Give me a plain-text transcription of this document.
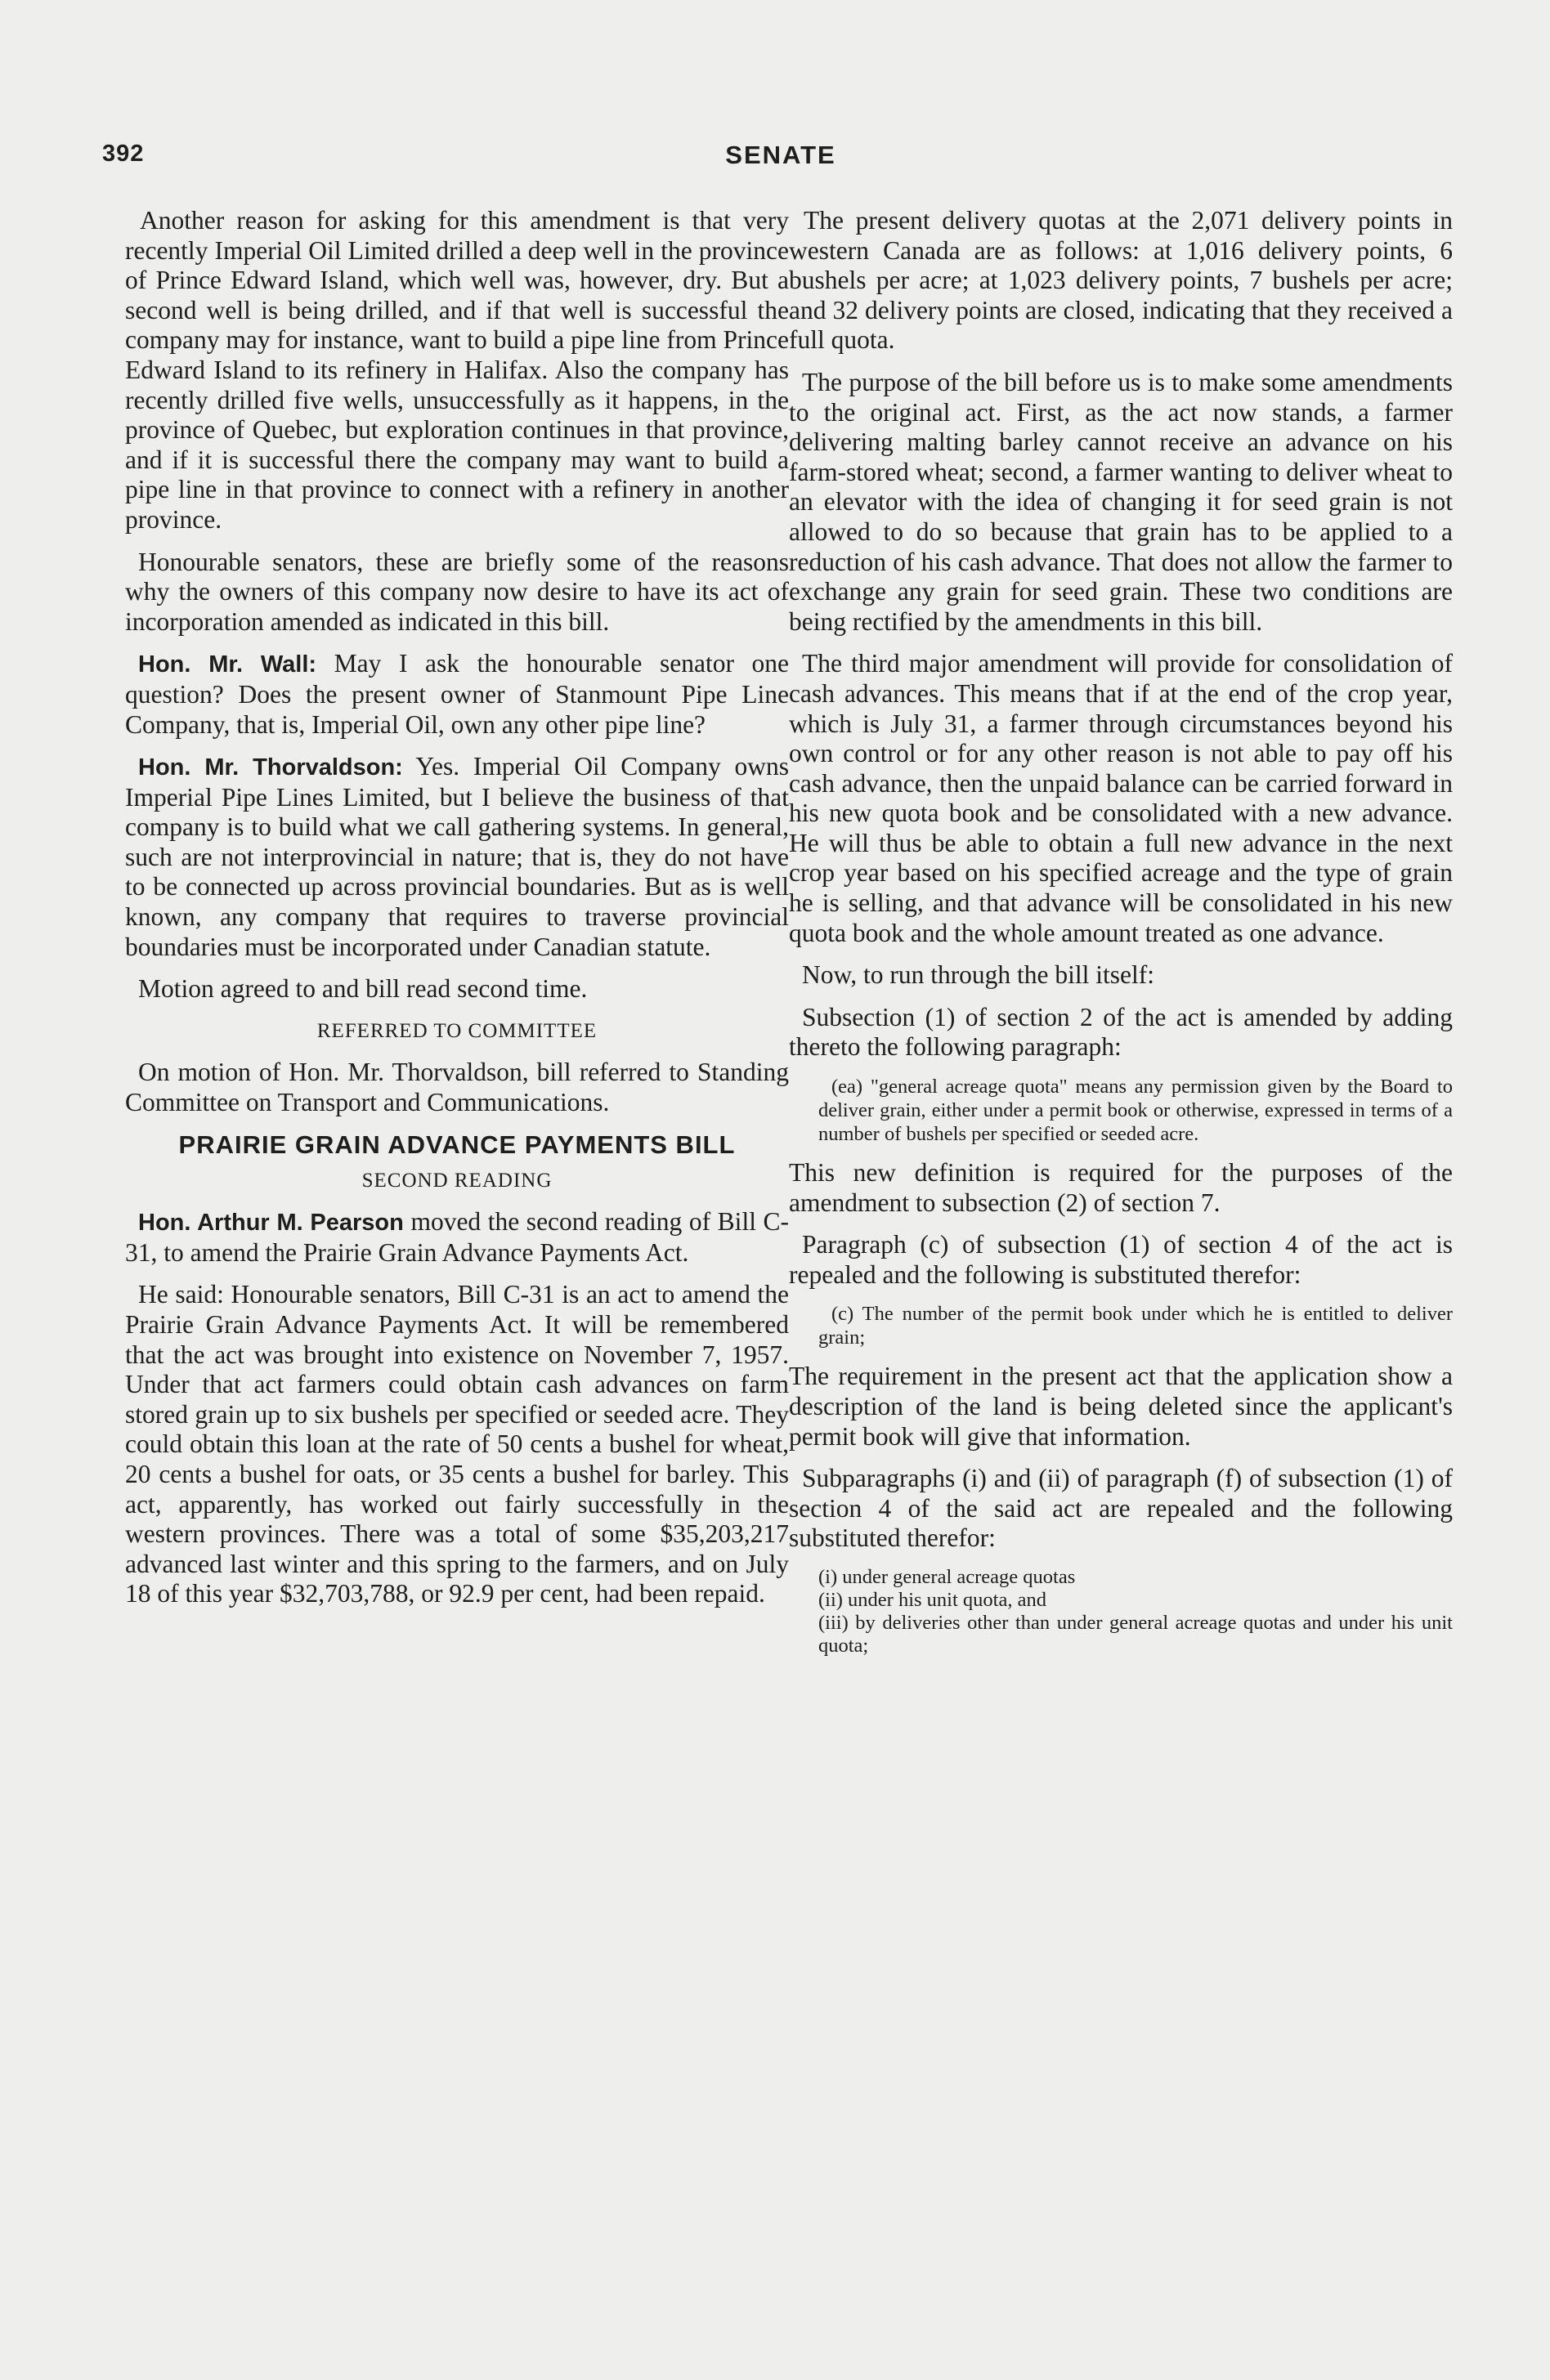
392	SENATE

Another reason for asking for this amendment is that very recently Imperial Oil Limited drilled a deep well in the province of Prince Edward Island, which well was, however, dry. But a second well is being drilled, and if that well is successful the company may for instance, want to build a pipe line from Prince Edward Island to its refinery in Halifax. Also the company has recently drilled five wells, unsuccessfully as it happens, in the province of Quebec, but exploration continues in that province, and if it is successful there the company may want to build a pipe line in that province to connect with a refinery in another province.

Honourable senators, these are briefly some of the reasons why the owners of this company now desire to have its act of incorporation amended as indicated in this bill.

Hon. Mr. Wall: May I ask the honourable senator one question? Does the present owner of Stanmount Pipe Line Company, that is, Imperial Oil, own any other pipe line?

Hon. Mr. Thorvaldson: Yes. Imperial Oil Company owns Imperial Pipe Lines Limited, but I believe the business of that company is to build what we call gathering systems. In general, such are not interprovincial in nature; that is, they do not have to be connected up across provincial boundaries. But as is well known, any company that requires to traverse provincial boundaries must be incorporated under Canadian statute.

Motion agreed to and bill read second time.

REFERRED TO COMMITTEE

On motion of Hon. Mr. Thorvaldson, bill referred to Standing Committee on Transport and Communications.

PRAIRIE GRAIN ADVANCE PAYMENTS BILL
SECOND READING

Hon. Arthur M. Pearson moved the second reading of Bill C-31, to amend the Prairie Grain Advance Payments Act.

He said: Honourable senators, Bill C-31 is an act to amend the Prairie Grain Advance Payments Act. It will be remembered that the act was brought into existence on November 7, 1957. Under that act farmers could obtain cash advances on farm stored grain up to six bushels per specified or seeded acre. They could obtain this loan at the rate of 50 cents a bushel for wheat, 20 cents a bushel for oats, or 35 cents a bushel for barley. This act, apparently, has worked out fairly successfully in the western provinces. There was a total of some $35,203,217 advanced last winter and this spring to the farmers, and on July 18 of this year $32,703,788, or 92.9 per cent, had been repaid.

The present delivery quotas at the 2,071 delivery points in western Canada are as follows: at 1,016 delivery points, 6 bushels per acre; at 1,023 delivery points, 7 bushels per acre; and 32 delivery points are closed, indicating that they received a full quota.

The purpose of the bill before us is to make some amendments to the original act. First, as the act now stands, a farmer delivering malting barley cannot receive an advance on his farm-stored wheat; second, a farmer wanting to deliver wheat to an elevator with the idea of changing it for seed grain is not allowed to do so because that grain has to be applied to a reduction of his cash advance. That does not allow the farmer to exchange any grain for seed grain. These two conditions are being rectified by the amendments in this bill.

The third major amendment will provide for consolidation of cash advances. This means that if at the end of the crop year, which is July 31, a farmer through circumstances beyond his own control or for any other reason is not able to pay off his cash advance, then the unpaid balance can be carried forward in his new quota book and be consolidated with a new advance. He will thus be able to obtain a full new advance in the next crop year based on his specified acreage and the type of grain he is selling, and that advance will be consolidated in his new quota book and the whole amount treated as one advance.

Now, to run through the bill itself:

Subsection (1) of section 2 of the act is amended by adding thereto the following paragraph:

(ea) "general acreage quota" means any permission given by the Board to deliver grain, either under a permit book or otherwise, expressed in terms of a number of bushels per specified or seeded acre.

This new definition is required for the purposes of the amendment to subsection (2) of section 7.

Paragraph (c) of subsection (1) of section 4 of the act is repealed and the following is substituted therefor:

(c) The number of the permit book under which he is entitled to deliver grain;

The requirement in the present act that the application show a description of the land is being deleted since the applicant's permit book will give that information.

Subparagraphs (i) and (ii) of paragraph (f) of subsection (1) of section 4 of the said act are repealed and the following substituted therefor:

(i) under general acreage quotas
(ii) under his unit quota, and
(iii) by deliveries other than under general acreage quotas and under his unit quota;
